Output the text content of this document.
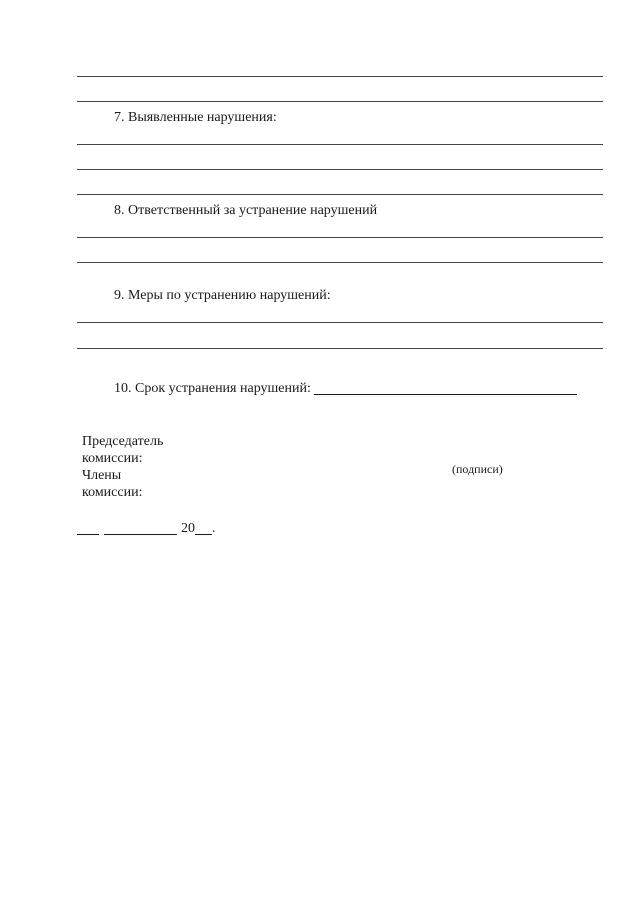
7. Выявленные нарушения:
8. Ответственный за устранение нарушений
9. Меры по устранению нарушений:
10. Срок устранения нарушений:
Председатель
комиссии:
Члены
комиссии:
(подписи)
20 .
